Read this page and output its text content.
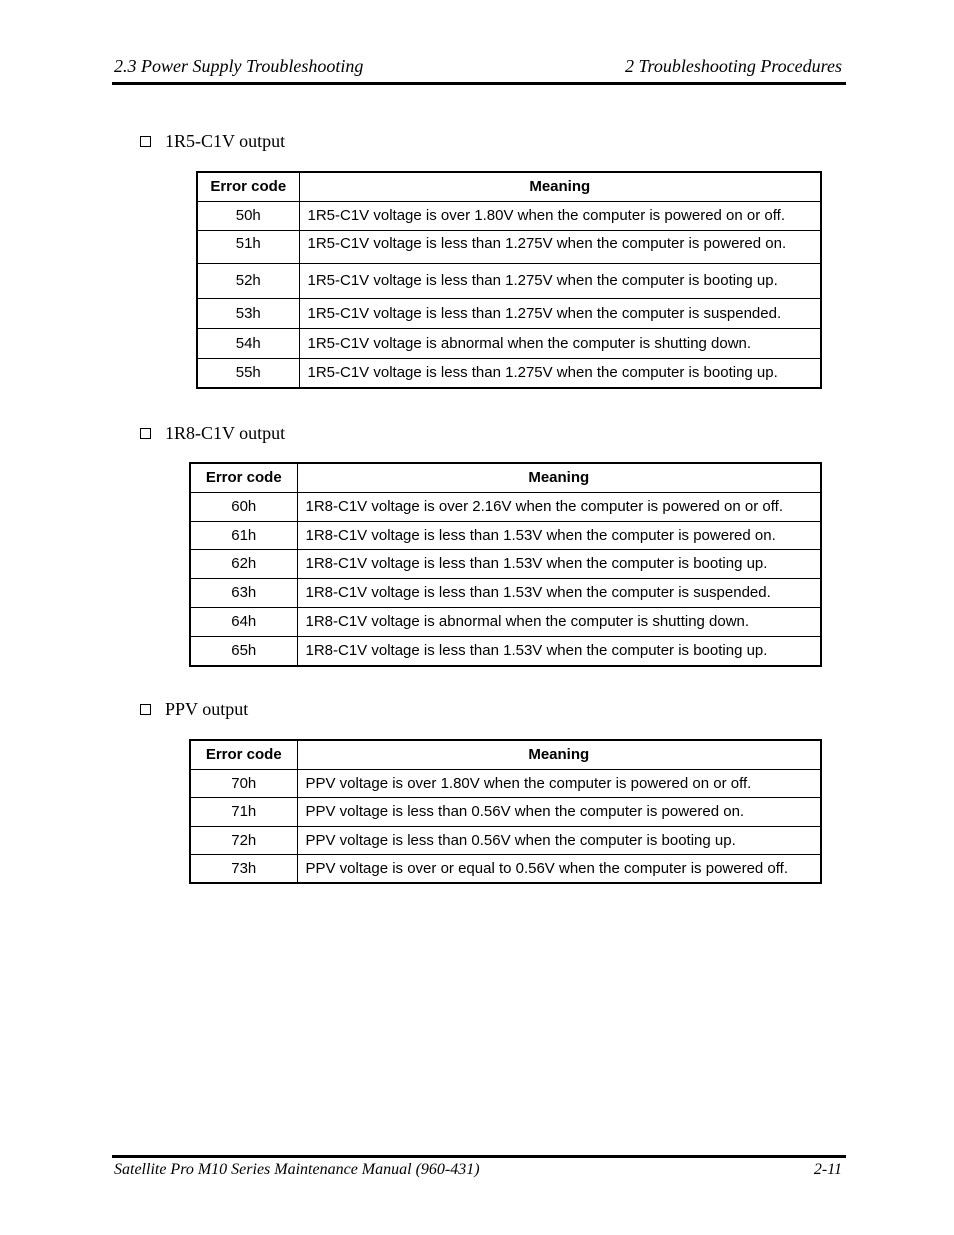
2.3 Power Supply Troubleshooting	2 Troubleshooting Procedures
1R5-C1V output
Error code	Meaning
50h	1R5-C1V voltage is over 1.80V when the computer is powered on or off.
51h	1R5-C1V voltage is less than 1.275V when the computer is powered on.
52h	1R5-C1V voltage is less than 1.275V when the computer is booting up.
53h	1R5-C1V voltage is less than 1.275V when the computer is suspended.
54h	1R5-C1V voltage is abnormal when the computer is shutting down.
55h	1R5-C1V voltage is less than 1.275V when the computer is booting up.
1R8-C1V output
Error code	Meaning
60h	1R8-C1V voltage is over 2.16V when the computer is powered on or off.
61h	1R8-C1V voltage is less than 1.53V when the computer is powered on.
62h	1R8-C1V voltage is less than 1.53V when the computer is booting up.
63h	1R8-C1V voltage is less than 1.53V when the computer is suspended.
64h	1R8-C1V voltage is abnormal when the computer is shutting down.
65h	1R8-C1V voltage is less than 1.53V when the computer is booting up.
PPV output
Error code	Meaning
70h	PPV voltage is over 1.80V when the computer is powered on or off.
71h	PPV voltage is less than 0.56V when the computer is powered on.
72h	PPV voltage is less than 0.56V when the computer is booting up.
73h	PPV voltage is over or equal to 0.56V when the computer is powered off.
Satellite Pro M10 Series Maintenance Manual (960-431)	2-11
